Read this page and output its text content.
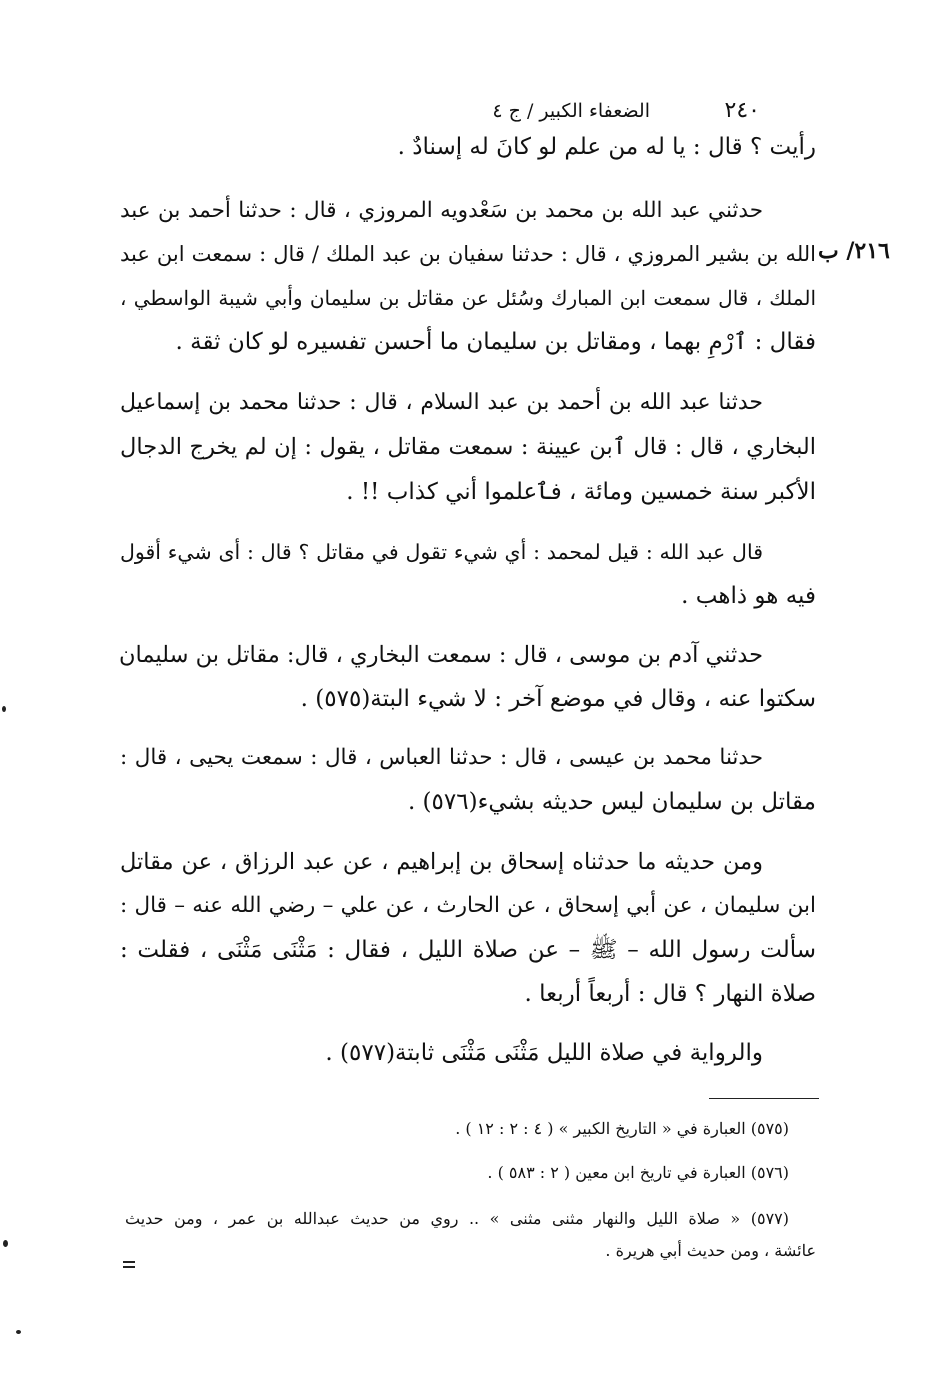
٢٤٠
الضعفاء الكبير / ج ٤
رأيت ؟ قال : يا له من علم لو كانَ له إسنادٌ .
حدثني عبد الله بن محمد بن سَعْدويه المروزي ، قال : حدثنا أحمد بن عبد
الله بن بشير المروزي ، قال : حدثنا سفيان بن عبد الملك / قال : سمعت ابن عبد
الملك ، قال سمعت ابن المبارك وسُئل عن مقاتل بن سليمان وأبي شيبة الواسطي ،
فقال : ٱرْمِ بهما ، ومقاتل بن سليمان ما أحسن تفسيره لو كان ثقة .
٢١٦/ ب
حدثنا عبد الله بن أحمد بن عبد السلام ، قال : حدثنا محمد بن إسماعيل
البخاري ، قال : قال ٱبن عيينة : سمعت مقاتل ، يقول : إن لم يخرج الدجال
الأكبر سنة خمسين ومائة ، فٱعلموا أني كذاب !! .
قال عبد الله : قيل لمحمد : أي شيء تقول في مقاتل ؟ قال : أى شيء أقول
فيه هو ذاهب .
حدثني آدم بن موسى ، قال : سمعت البخاري ، قال: مقاتل بن سليمان
سكتوا عنه ، وقال في موضع آخر : لا شيء البتة(٥٧٥) .
حدثنا محمد بن عيسى ، قال : حدثنا العباس ، قال : سمعت يحيى ، قال :
مقاتل بن سليمان ليس حديثه بشيء(٥٧٦) .
ومن حديثه ما حدثناه إسحاق بن إبراهيم ، عن عبد الرزاق ، عن مقاتل
ابن سليمان ، عن أبي إسحاق ، عن الحارث ، عن علي – رضي الله عنه – قال :
سألت رسول الله – ﷺ – عن صلاة الليل ، فقال : مَثْنَى مَثْنَى ، فقلت :
صلاة النهار ؟ قال : أربعاً أربعا .
والرواية في صلاة الليل مَثْنَى مَثْنَى ثابتة(٥٧٧) .
(٥٧٥) العبارة في « التاريخ الكبير » ( ٤ : ٢ : ١٢ ) .
(٥٧٦) العبارة في تاريخ ابن معين ( ٢ : ٥٨٣ ) .
(٥٧٧) « صلاة الليل والنهار مثنى مثنى » .. روي من حديث عبدالله بن عمر ، ومن حديث
عائشة ، ومن حديث أبي هريرة .
